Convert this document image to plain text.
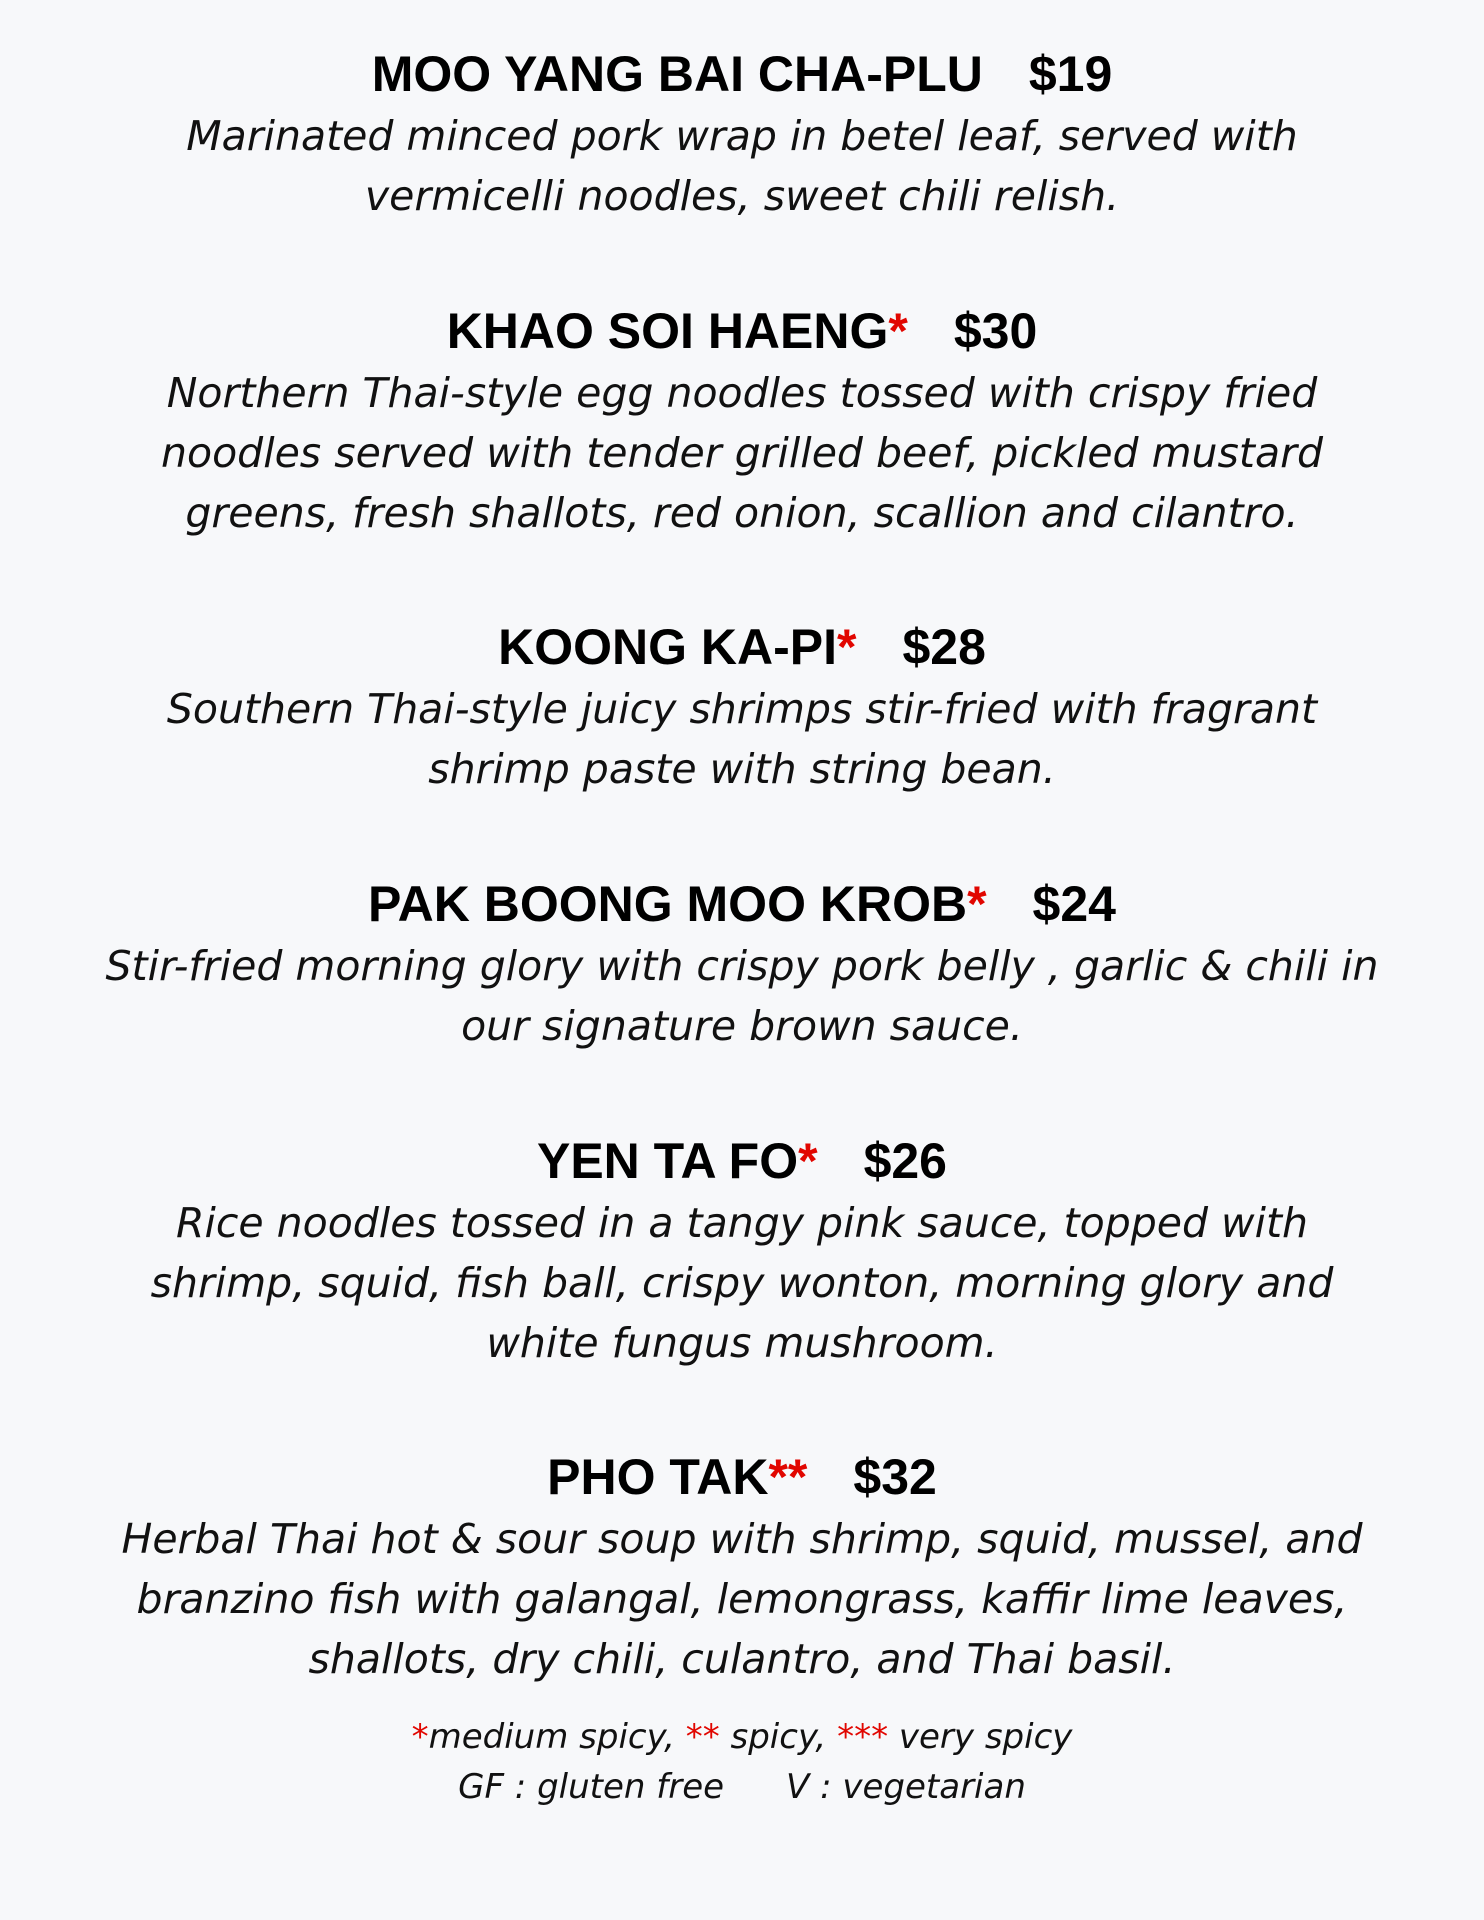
MOO YANG BAI CHA-PLU $19
Marinated minced pork wrap in betel leaf, served with
vermicelli noodles, sweet chili relish.
KHAO SOI HAENG* $30
Northern Thai-style egg noodles tossed with crispy fried
noodles served with tender grilled beef, pickled mustard
greens, fresh shallots, red onion, scallion and cilantro.
KOONG KA-PI* $28
Southern Thai-style juicy shrimps stir-fried with fragrant
shrimp paste with string bean.
PAK BOONG MOO KROB* $24
Stir-fried morning glory with crispy pork belly , garlic & chili in
our signature brown sauce.
YEN TA FO* $26
Rice noodles tossed in a tangy pink sauce, topped with
shrimp, squid, fish ball, crispy wonton, morning glory and
white fungus mushroom.
PHO TAK** $32
Herbal Thai hot & sour soup with shrimp, squid, mussel, and
branzino fish with galangal, lemongrass, kaffir lime leaves,
shallots, dry chili, culantro, and Thai basil.
*medium spicy, ** spicy, *** very spicy
GF : gluten free V : vegetarian
